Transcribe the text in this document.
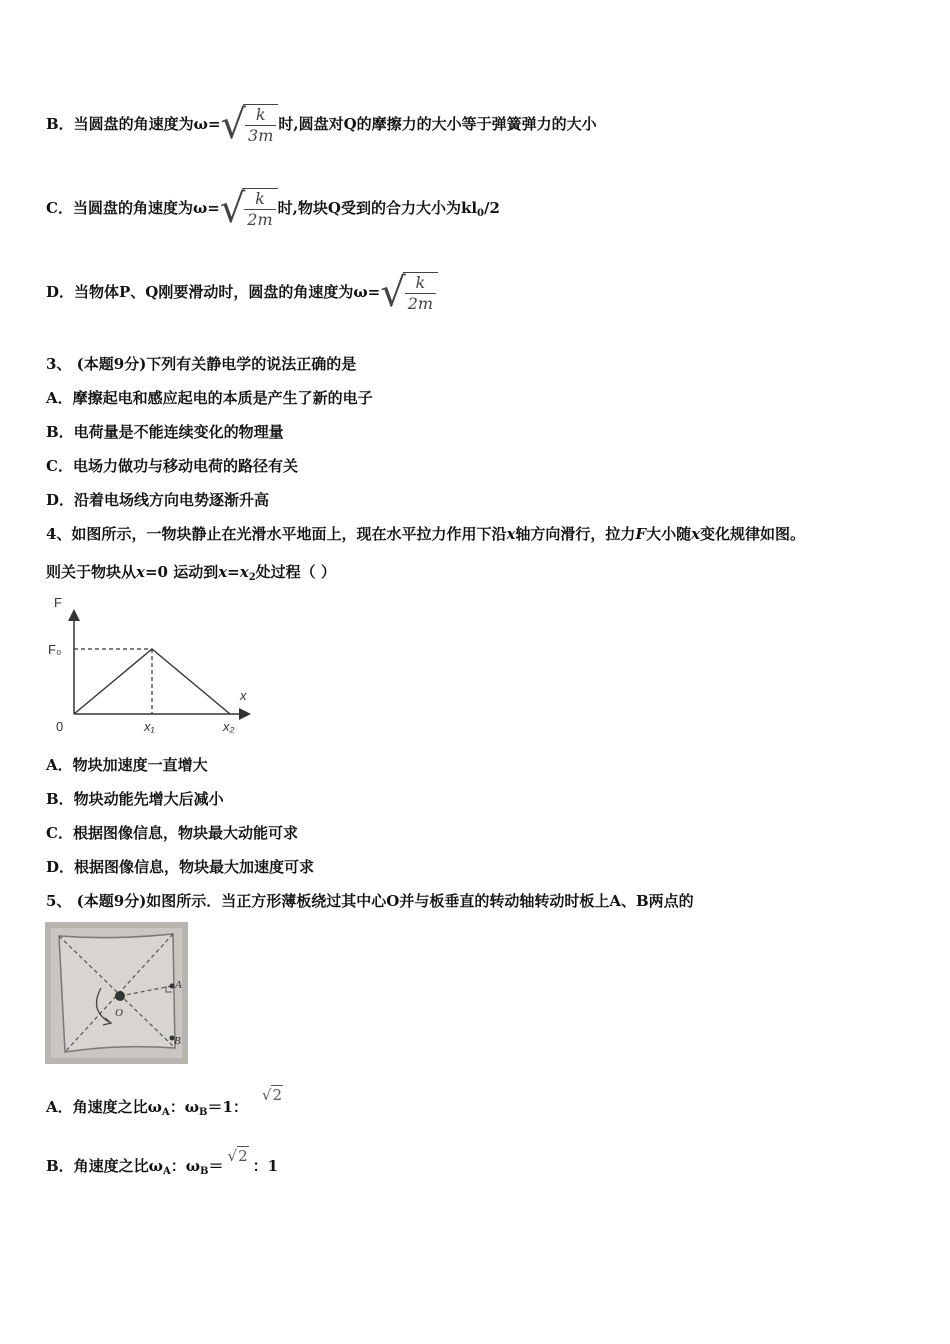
B．当圆盘的角速度为$\omega=√ \frac{k}{3m}$ 时,圆盘对Q的摩擦力的大小等于弹簧弹力的大小
C．当圆盘的角速度为$\omega=√ \frac{k}{2m}$ 时,物块Q受到的合力大小为$kl_0/2$
D．当物体P、Q刚要滑动时，圆盘的角速度为$\omega=√ \frac{k}{2m}$
3、 (本题9分)下列有关静电学的说法正确的是
A．摩擦起电和感应起电的本质是产生了新的电子
B．电荷量是不能连续变化的物理量
C．电场力做功与移动电荷的路径有关
D．沿着电场线方向电势逐渐升高
4、如图所示，一物块静止在光滑水平地面上，现在水平拉力作用下沿x轴方向滑行，拉力F大小随x变化规律如图。
则关于物块从x=0 运动到$x=x_2$处过程（ ）
F
F₀
x
0	x₁	x₂
A．物块加速度一直增大
B．物块动能先增大后减小
C．根据图像信息，物块最大动能可求
D．根据图像信息，物块最大加速度可求
5、 (本题9分)如图所示．当正方形薄板绕过其中心O并与板垂直的转动轴转动时板上A、B两点的
O
A
B
A．角速度之比$\omega_A$：$\omega_B=1$：√2
B．角速度之比$\omega_A$：$\omega_B=√2$：1
